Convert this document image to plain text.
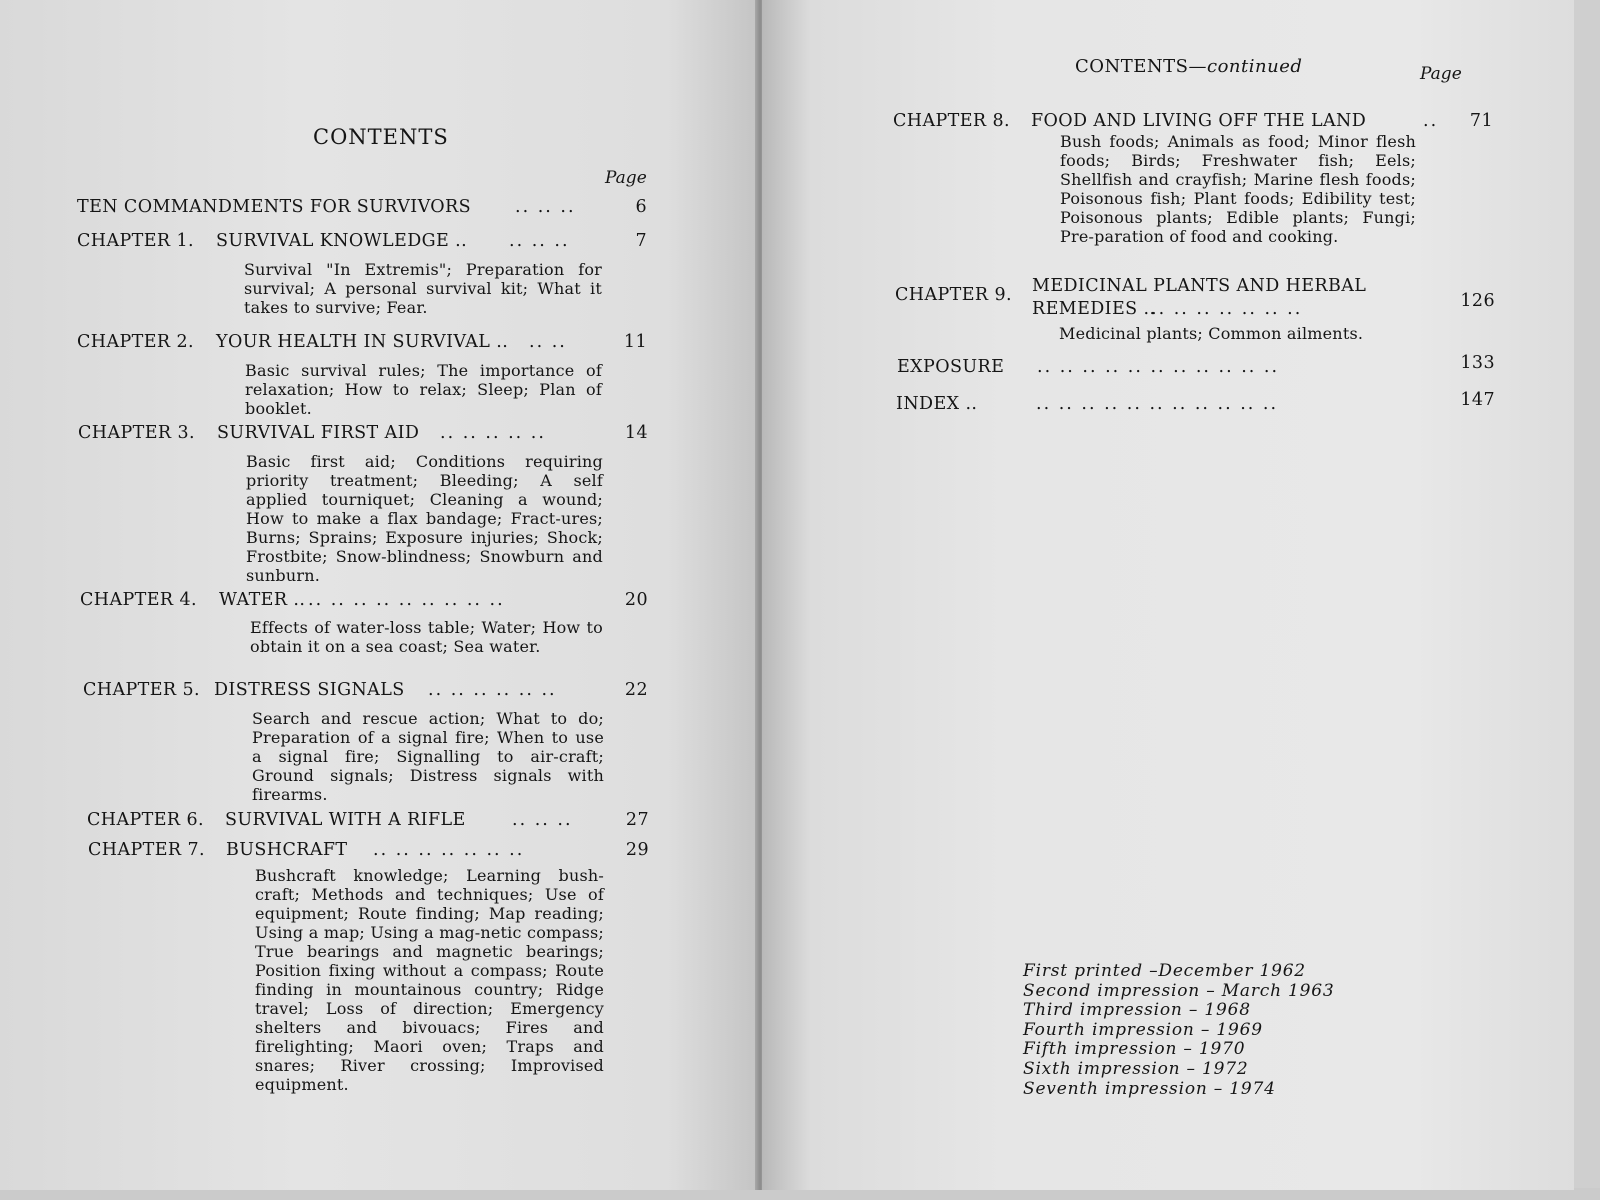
CONTENTS
Page
TEN COMMANDMENTS FOR SURVIVORS	.. .. ..	6
CHAPTER 1. SURVIVAL KNOWLEDGE .. .. .. ..	7
Survival "In Extremis"; Preparation for survival; A personal survival kit; What it takes to survive; Fear.
CHAPTER 2. YOUR HEALTH IN SURVIVAL .. .. ..	11
Basic survival rules; The importance of relaxation; How to relax; Sleep; Plan of booklet.
CHAPTER 3. SURVIVAL FIRST AID .. .. .. .. ..	14
Basic first aid; Conditions requiring priority treatment; Bleeding; A self applied tourniquet; Cleaning a wound; How to make a flax bandage; Fract-ures; Burns; Sprains; Exposure injuries; Shock; Frostbite; Snow-blindness; Snowburn and sunburn.
CHAPTER 4. WATER .. .. .. .. .. .. .. .. .. ..	20
Effects of water-loss table; Water; How to obtain it on a sea coast; Sea water.
CHAPTER 5. DISTRESS SIGNALS .. .. .. .. .. ..	22
Search and rescue action; What to do; Preparation of a signal fire; When to use a signal fire; Signalling to air-craft; Ground signals; Distress signals with firearms.
CHAPTER 6. SURVIVAL WITH A RIFLE	.. .. ..	27
CHAPTER 7. BUSHCRAFT .. .. .. .. .. .. ..	29
Bushcraft knowledge; Learning bush-craft; Methods and techniques; Use of equipment; Route finding; Map reading; Using a map; Using a mag-netic compass; True bearings and magnetic bearings; Position fixing without a compass; Route finding in mountainous country; Ridge travel; Loss of direction; Emergency shelters and bivouacs; Fires and firelighting; Maori oven; Traps and snares; River crossing; Improvised equipment.
CONTENTS—continued	Page
CHAPTER 8. FOOD AND LIVING OFF THE LAND	..	71
Bush foods; Animals as food; Minor flesh foods; Birds; Freshwater fish; Eels; Shellfish and crayfish; Marine flesh foods; Poisonous fish; Plant foods; Edibility test; Poisonous plants; Edible plants; Fungi; Pre-paration of food and cooking.
CHAPTER 9. MEDICINAL PLANTS AND HERBAL
REMEDIES ..
.. .. .. .. .. .. ..	126
Medicinal plants; Common ailments.
EXPOSURE .. .. .. .. .. .. .. .. .. .. ..	133
INDEX ..	.. .. .. .. .. .. .. .. .. .. ..	147
First printed –December 1962
Second impression – March 1963
Third impression – 1968
Fourth impression – 1969
Fifth impression – 1970
Sixth impression – 1972
Seventh impression – 1974
